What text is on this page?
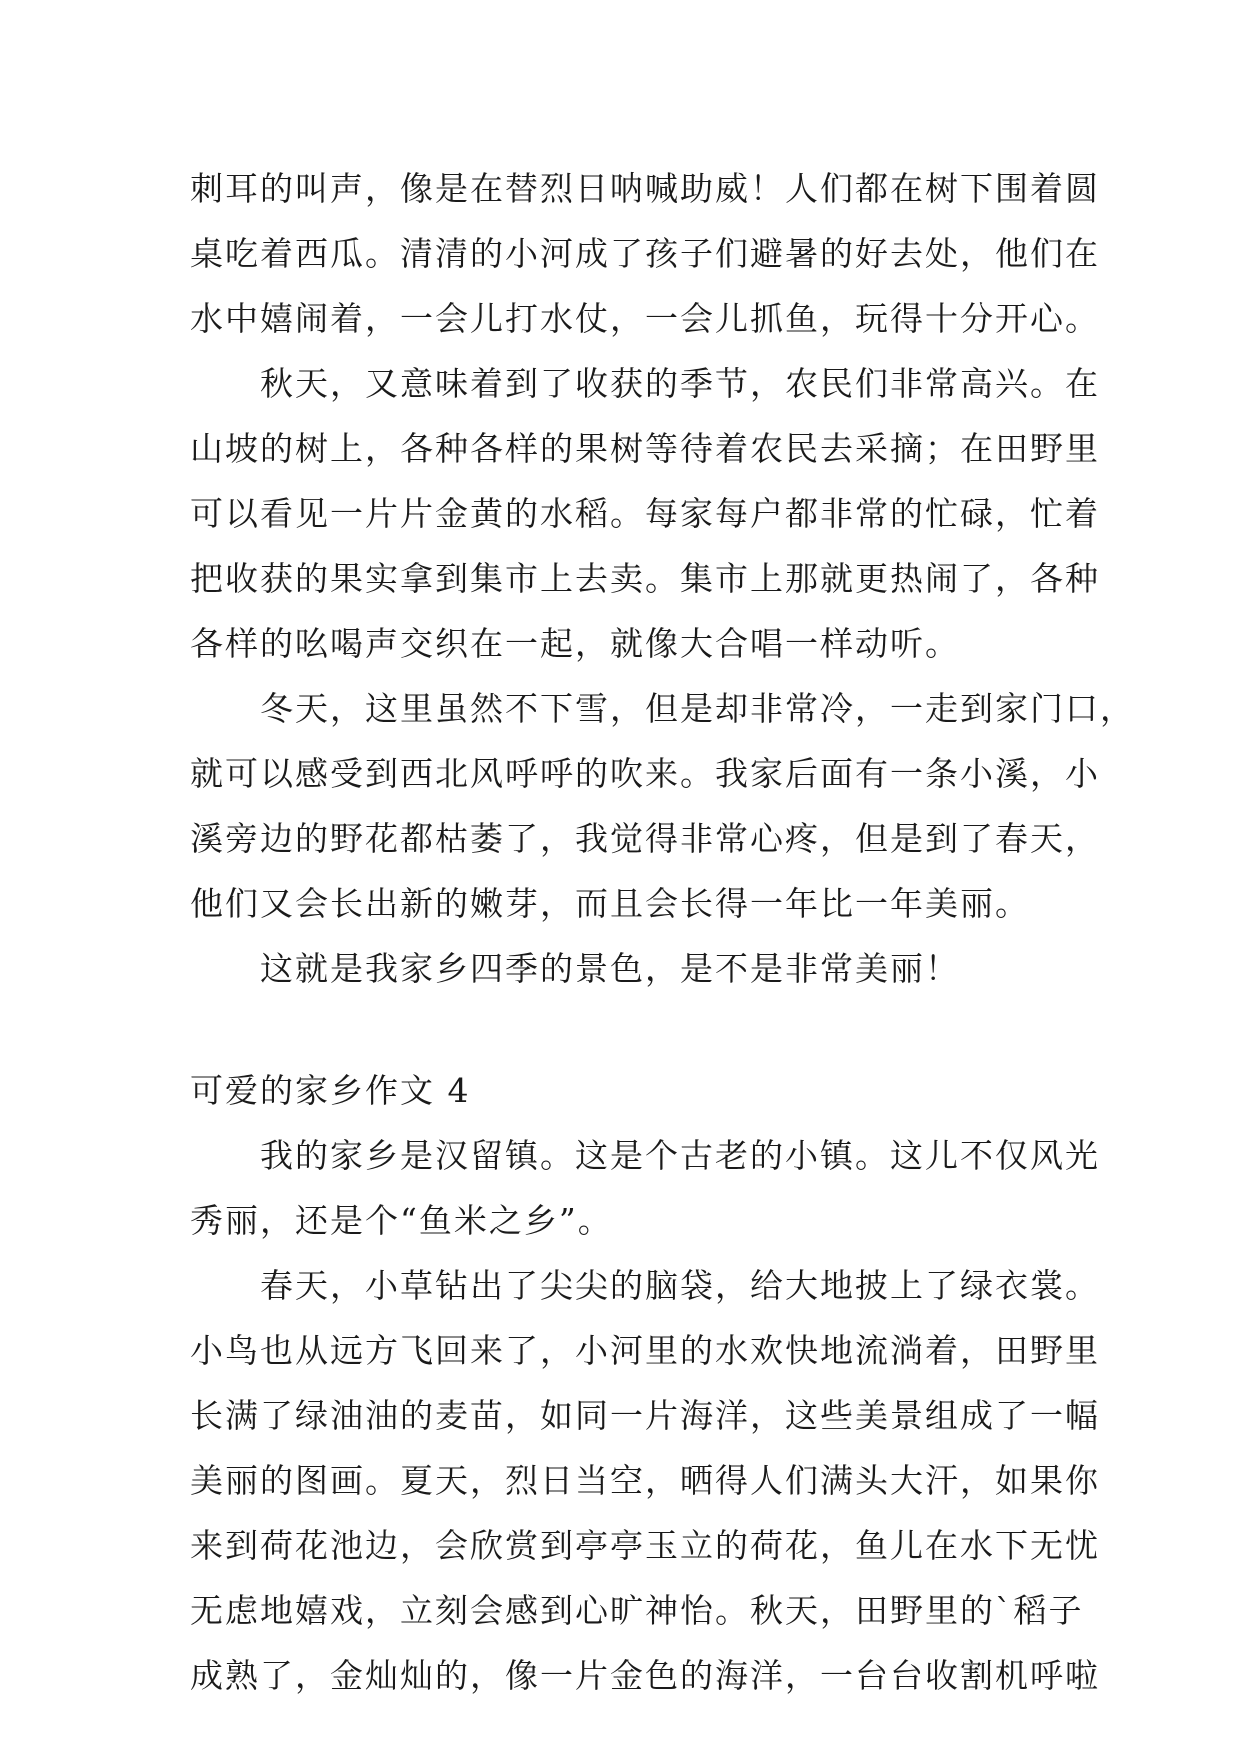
刺耳的叫声，像是在替烈日呐喊助威！人们都在树下围着圆
桌吃着西瓜。清清的小河成了孩子们避暑的好去处，他们在
水中嬉闹着，一会儿打水仗，一会儿抓鱼，玩得十分开心。
　　秋天，又意味着到了收获的季节，农民们非常高兴。在
山坡的树上，各种各样的果树等待着农民去采摘；在田野里
可以看见一片片金黄的水稻。每家每户都非常的忙碌，忙着
把收获的果实拿到集市上去卖。集市上那就更热闹了，各种
各样的吆喝声交织在一起，就像大合唱一样动听。
　　冬天，这里虽然不下雪，但是却非常冷，一走到家门口，
就可以感受到西北风呼呼的吹来。我家后面有一条小溪，小
溪旁边的野花都枯萎了，我觉得非常心疼，但是到了春天，
他们又会长出新的嫩芽，而且会长得一年比一年美丽。
　　这就是我家乡四季的景色，是不是非常美丽！
可爱的家乡作文 4
　　我的家乡是汉留镇。这是个古老的小镇。这儿不仅风光
秀丽，还是个“鱼米之乡”。
　　春天，小草钻出了尖尖的脑袋，给大地披上了绿衣裳。
小鸟也从远方飞回来了，小河里的水欢快地流淌着，田野里
长满了绿油油的麦苗，如同一片海洋，这些美景组成了一幅
美丽的图画。夏天，烈日当空，晒得人们满头大汗，如果你
来到荷花池边，会欣赏到亭亭玉立的荷花，鱼儿在水下无忧
无虑地嬉戏，立刻会感到心旷神怡。秋天，田野里的`稻子
成熟了，金灿灿的，像一片金色的海洋，一台台收割机呼啦
